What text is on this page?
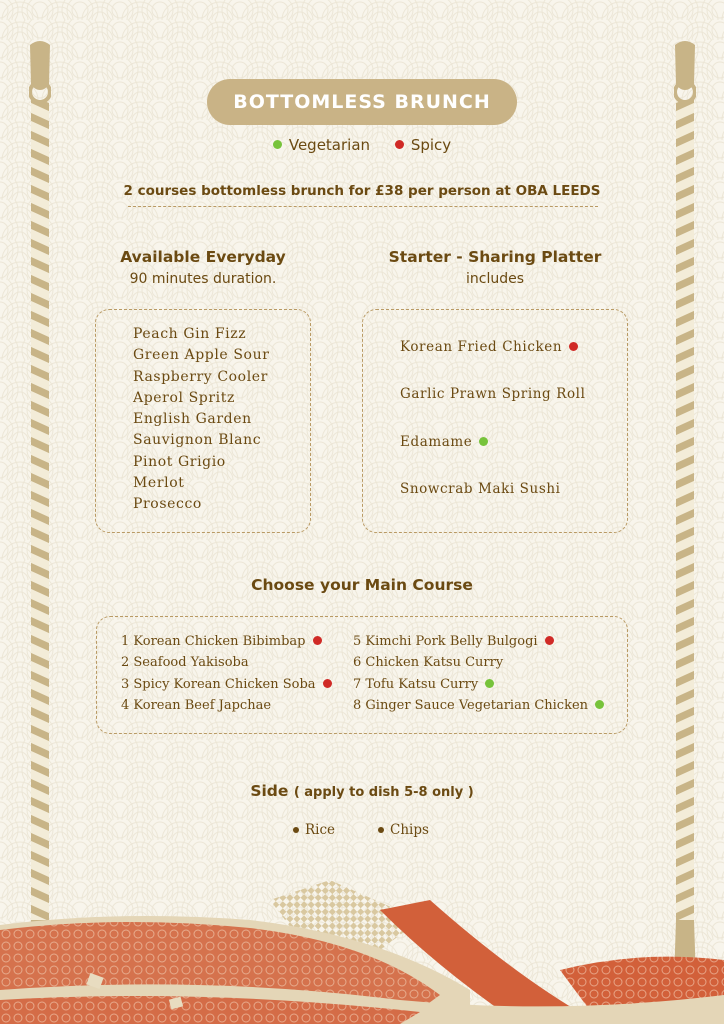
BOTTOMLESS BRUNCH
Vegetarian	Spicy
2 courses bottomless brunch for £38 per person at OBA LEEDS
Available Everyday
90 minutes duration.
Peach Gin Fizz
Green Apple Sour
Raspberry Cooler
Aperol Spritz
English Garden
Sauvignon Blanc
Pinot Grigio
Merlot
Prosecco
Starter - Sharing Platter
includes
Korean Fried Chicken
Garlic Prawn Spring Roll
Edamame
Snowcrab Maki Sushi
Choose your Main Course
1 Korean Chicken Bibimbap
2 Seafood Yakisoba
3 Spicy Korean Chicken Soba
4 Korean Beef Japchae
5 Kimchi Pork Belly Bulgogi
6 Chicken Katsu Curry
7 Tofu Katsu Curry
8 Ginger Sauce Vegetarian Chicken
Side ( apply to dish 5-8 only )
Rice	Chips
